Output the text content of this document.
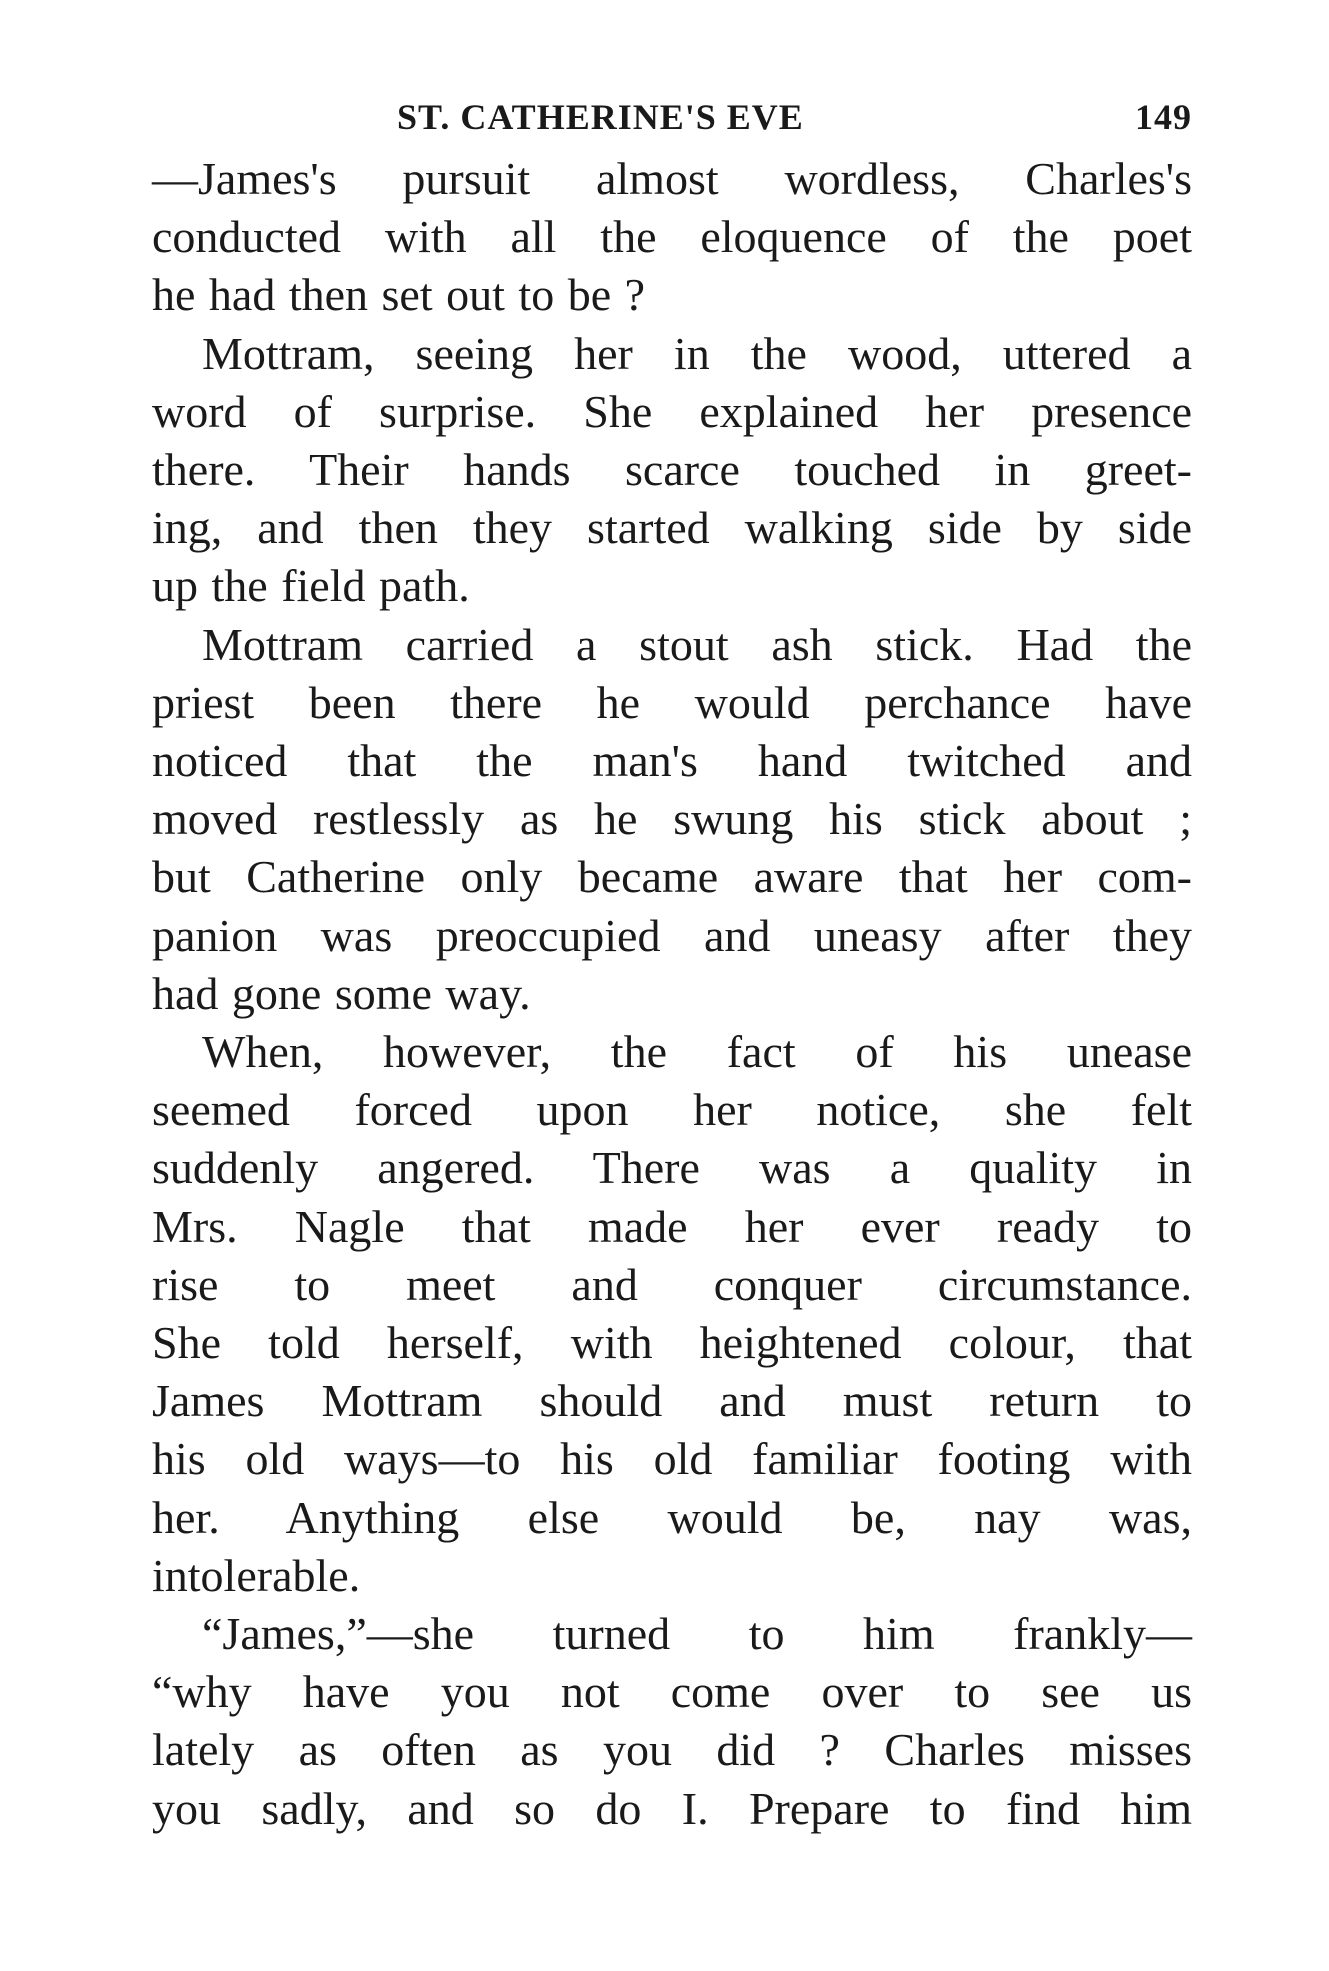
ST. CATHERINE'S EVE	149
—James's pursuit almost wordless, Charles's
conducted with all the eloquence of the poet
he had then set out to be ?
Mottram, seeing her in the wood, uttered a
word of surprise. She explained her presence
there. Their hands scarce touched in greet-
ing, and then they started walking side by side
up the field path.
Mottram carried a stout ash stick. Had the
priest been there he would perchance have
noticed that the man's hand twitched and
moved restlessly as he swung his stick about ;
but Catherine only became aware that her com-
panion was preoccupied and uneasy after they
had gone some way.
When, however, the fact of his unease
seemed forced upon her notice, she felt
suddenly angered. There was a quality in
Mrs. Nagle that made her ever ready to
rise to meet and conquer circumstance.
She told herself, with heightened colour, that
James Mottram should and must return to
his old ways—to his old familiar footing with
her. Anything else would be, nay was,
intolerable.
“James,”—she turned to him frankly—
“why have you not come over to see us
lately as often as you did ? Charles misses
you sadly, and so do I. Prepare to find him
